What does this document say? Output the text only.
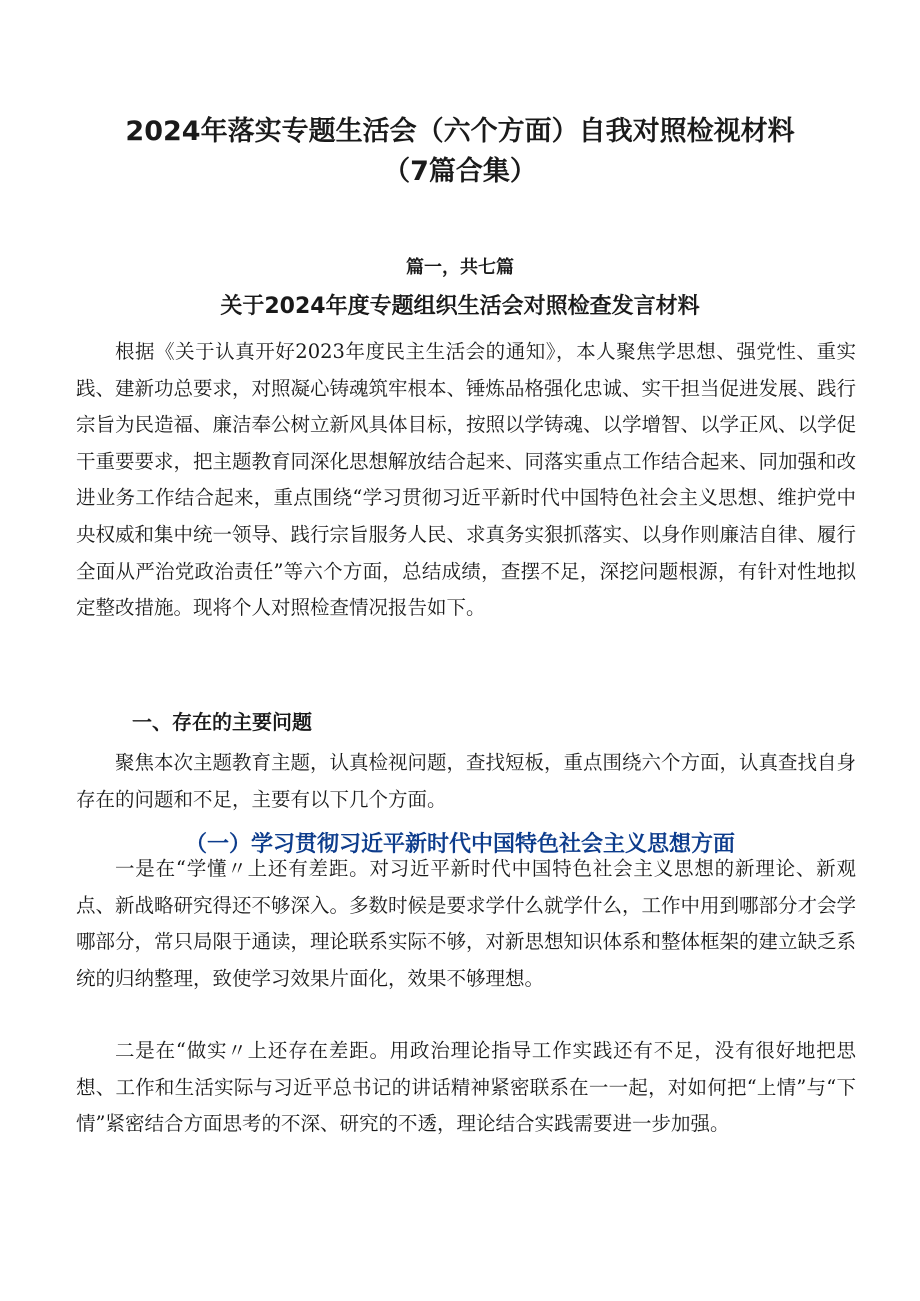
2024年落实专题生活会（六个方面）自我对照检视材料
（7篇合集）

篇一，共七篇

关于2024年度专题组织生活会对照检查发言材料

根据《关于认真开好2023年度民主生活会的通知》，本人聚焦学思想、强党性、重实践、建新功总要求，对照凝心铸魂筑牢根本、锤炼品格强化忠诚、实干担当促进发展、践行宗旨为民造福、廉洁奉公树立新风具体目标，按照以学铸魂、以学增智、以学正风、以学促干重要要求，把主题教育同深化思想解放结合起来、同落实重点工作结合起来、同加强和改进业务工作结合起来，重点围绕“学习贯彻习近平新时代中国特色社会主义思想、维护党中央权威和集中统一领导、践行宗旨服务人民、求真务实狠抓落实、以身作则廉洁自律、履行全面从严治党政治责任”等六个方面，总结成绩，查摆不足，深挖问题根源，有针对性地拟定整改措施。现将个人对照检查情况报告如下。

一、存在的主要问题

聚焦本次主题教育主题，认真检视问题，查找短板，重点围绕六个方面，认真查找自身存在的问题和不足，主要有以下几个方面。

（一）学习贯彻习近平新时代中国特色社会主义思想方面

一是在“学懂〃上还有差距。对习近平新时代中国特色社会主义思想的新理论、新观点、新战略研究得还不够深入。多数时候是要求学什么就学什么，工作中用到哪部分才会学哪部分，常只局限于通读，理论联系实际不够，对新思想知识体系和整体框架的建立缺乏系统的归纳整理，致使学习效果片面化，效果不够理想。

二是在“做实〃上还存在差距。用政治理论指导工作实践还有不足，没有很好地把思想、工作和生活实际与习近平总书记的讲话精神紧密联系在一一起，对如何把“上情”与“下情”紧密结合方面思考的不深、研究的不透，理论结合实践需要进一步加强。
